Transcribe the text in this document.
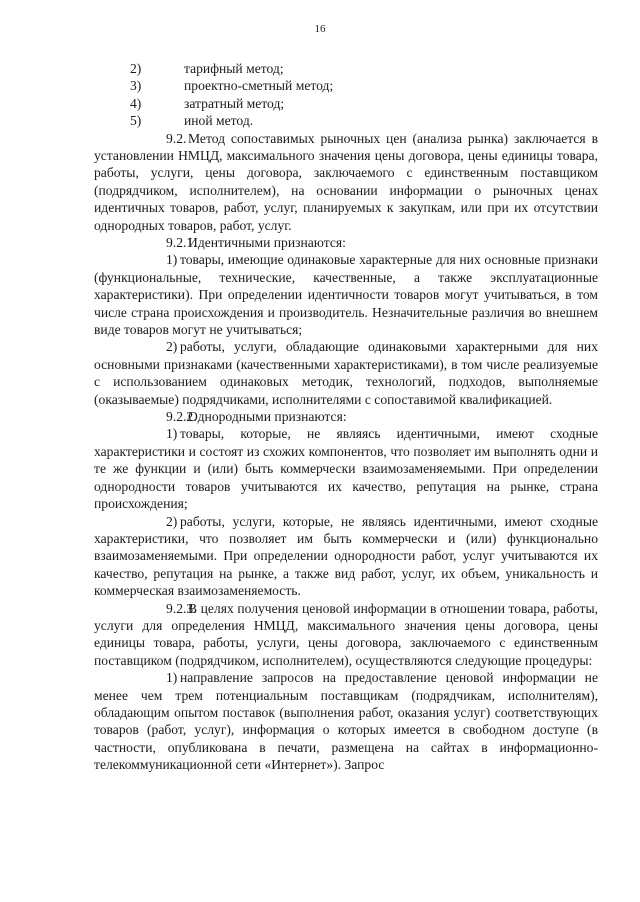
16
2)	тарифный метод;
3)	проектно-сметный метод;
4)	затратный метод;
5)	иной метод.

9.2. Метод сопоставимых рыночных цен (анализа рынка) заключается в установлении НМЦД, максимального значения цены договора, цены единицы товара, работы, услуги, цены договора, заключаемого с единственным поставщиком (подрядчиком, исполнителем), на основании информации о рыночных ценах идентичных товаров, работ, услуг, планируемых к закупкам, или при их отсутствии однородных товаров, работ, услуг.

9.2.1.Идентичными признаются:

1) товары, имеющие одинаковые характерные для них основные признаки (функциональные, технические, качественные, а также эксплуатационные характеристики). При определении идентичности товаров могут учитываться, в том числе страна происхождения и производитель. Незначительные различия во внешнем виде товаров могут не учитываться;

2) работы, услуги, обладающие одинаковыми характерными для них основными признаками (качественными характеристиками), в том числе реализуемые с использованием одинаковых методик, технологий, подходов, выполняемые (оказываемые) подрядчиками, исполнителями с сопоставимой квалификацией.

9.2.2.Однородными признаются:

1) товары, которые, не являясь идентичными, имеют сходные характеристики и состоят из схожих компонентов, что позволяет им выполнять одни и те же функции и (или) быть коммерчески взаимозаменяемыми. При определении однородности товаров учитываются их качество, репутация на рынке, страна происхождения;

2) работы, услуги, которые, не являясь идентичными, имеют сходные характеристики, что позволяет им быть коммерчески и (или) функционально взаимозаменяемыми. При определении однородности работ, услуг учитываются их качество, репутация на рынке, а также вид работ, услуг, их объем, уникальность и коммерческая взаимозаменяемость.

9.2.3.В целях получения ценовой информации в отношении товара, работы, услуги для определения НМЦД, максимального значения цены договора, цены единицы товара, работы, услуги, цены договора, заключаемого с единственным поставщиком (подрядчиком, исполнителем), осуществляются следующие процедуры:

1) направление запросов на предоставление ценовой информации не менее чем трем потенциальным поставщикам (подрядчикам, исполнителям), обладающим опытом поставок (выполнения работ, оказания услуг) соответствующих товаров (работ, услуг), информация о которых имеется в свободном доступе (в частности, опубликована в печати, размещена на сайтах в информационно-телекоммуникационной сети «Интернет»). Запрос
